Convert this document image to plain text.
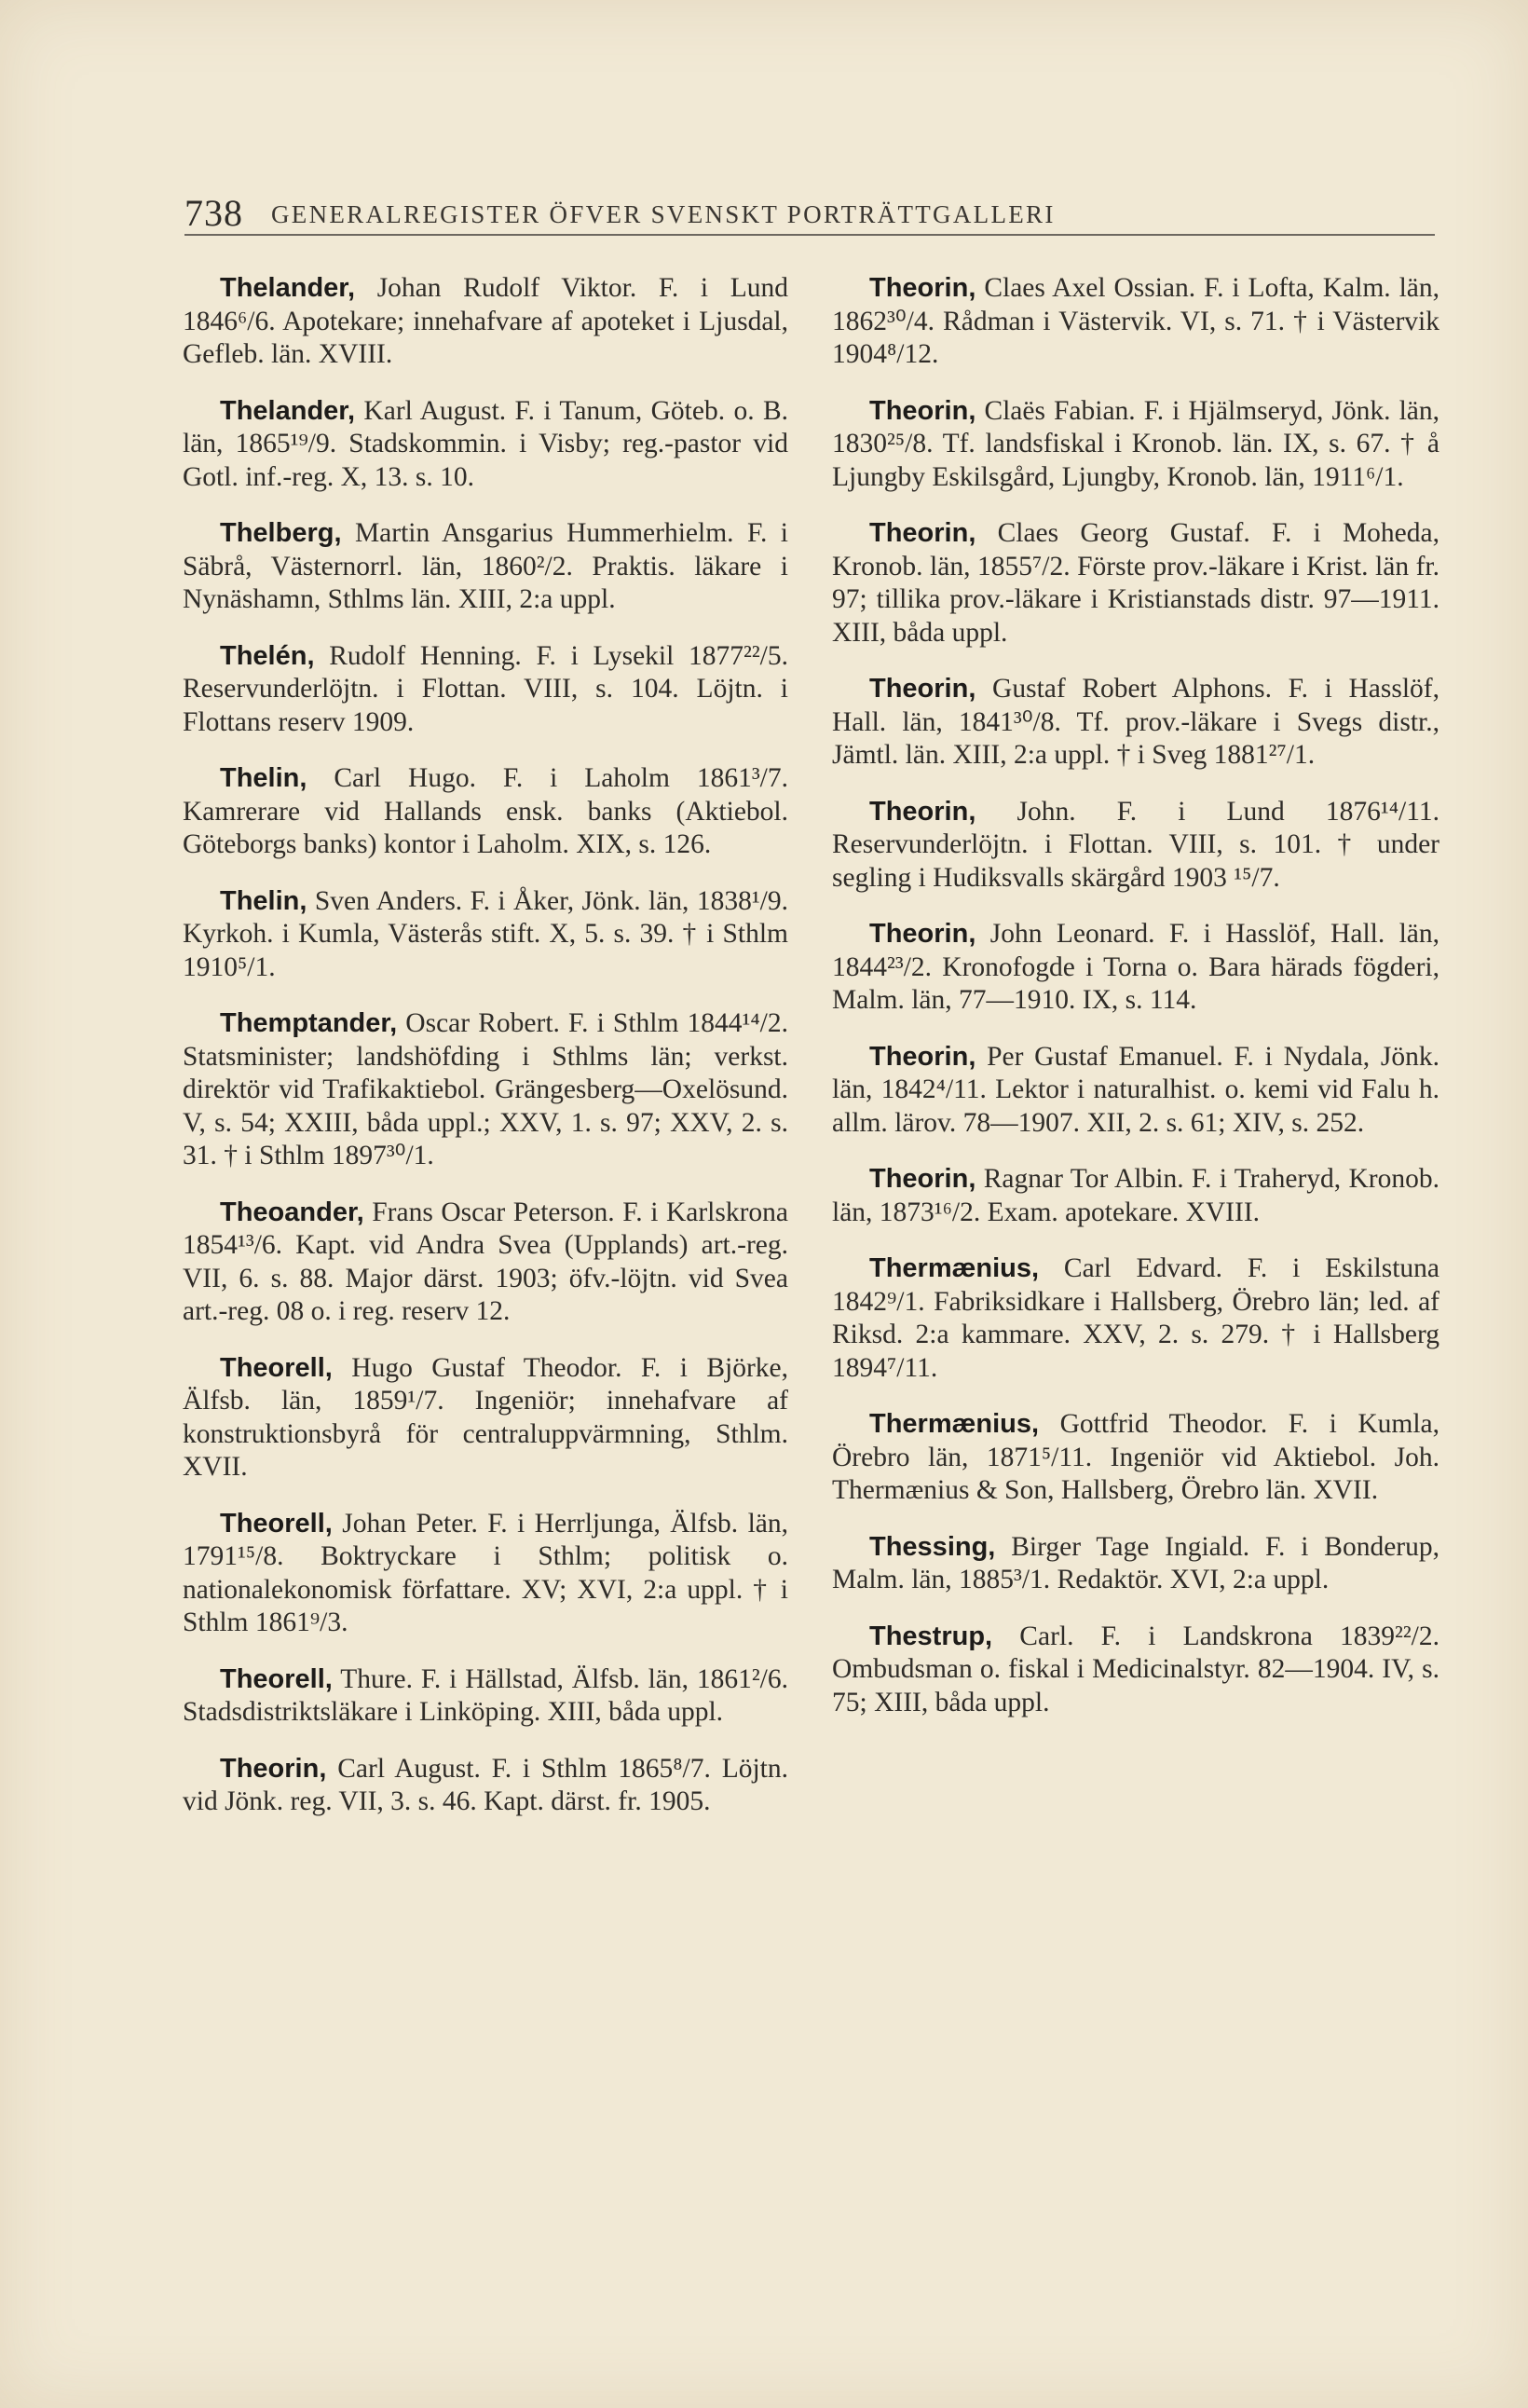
738 GENERALREGISTER ÖFVER SVENSKT PORTRÄTTGALLERI

Thelander, Johan Rudolf Viktor. F. i Lund 1846⁶/6. Apotekare; innehafvare af apoteket i Ljusdal, Gefleb. län. XVIII.

Thelander, Karl August. F. i Tanum, Göteb. o. B. län, 1865¹⁹/9. Stadskommin. i Visby; reg.-pastor vid Gotl. inf.-reg. X, 13. s. 10.

Thelberg, Martin Ansgarius Hummerhielm. F. i Säbrå, Västernorrl. län, 1860²/2. Praktis. läkare i Nynäshamn, Sthlms län. XIII, 2:a uppl.

Thelén, Rudolf Henning. F. i Lysekil 1877²²/5. Reservunderlöjtn. i Flottan. VIII, s. 104. Löjtn. i Flottans reserv 1909.

Thelin, Carl Hugo. F. i Laholm 1861³/7. Kamrerare vid Hallands ensk. banks (Aktiebol. Göteborgs banks) kontor i Laholm. XIX, s. 126.

Thelin, Sven Anders. F. i Åker, Jönk. län, 1838¹/9. Kyrkoh. i Kumla, Västerås stift. X, 5. s. 39. † i Sthlm 1910⁵/1.

Themptander, Oscar Robert. F. i Sthlm 1844¹⁴/2. Statsminister; landshöfding i Sthlms län; verkst. direktör vid Trafikaktiebol. Grängesberg—Oxelösund. V, s. 54; XXIII, båda uppl.; XXV, 1. s. 97; XXV, 2. s. 31. † i Sthlm 1897³⁰/1.

Theoander, Frans Oscar Peterson. F. i Karlskrona 1854¹³/6. Kapt. vid Andra Svea (Upplands) art.-reg. VII, 6. s. 88. Major därst. 1903; öfv.-löjtn. vid Svea art.-reg. 08 o. i reg. reserv 12.

Theorell, Hugo Gustaf Theodor. F. i Björke, Älfsb. län, 1859¹/7. Ingeniör; innehafvare af konstruktionsbyrå för centraluppvärmning, Sthlm. XVII.

Theorell, Johan Peter. F. i Herrljunga, Älfsb. län, 1791¹⁵/8. Boktryckare i Sthlm; politisk o. nationalekonomisk författare. XV; XVI, 2:a uppl. † i Sthlm 1861⁹/3.

Theorell, Thure. F. i Hällstad, Älfsb. län, 1861²/6. Stadsdistriktsläkare i Linköping. XIII, båda uppl.

Theorin, Carl August. F. i Sthlm 1865⁸/7. Löjtn. vid Jönk. reg. VII, 3. s. 46. Kapt. därst. fr. 1905.

Theorin, Claes Axel Ossian. F. i Lofta, Kalm. län, 1862³⁰/4. Rådman i Västervik. VI, s. 71. † i Västervik 1904⁸/12.

Theorin, Claës Fabian. F. i Hjälmseryd, Jönk. län, 1830²⁵/8. Tf. landsfiskal i Kronob. län. IX, s. 67. † å Ljungby Eskilsgård, Ljungby, Kronob. län, 1911⁶/1.

Theorin, Claes Georg Gustaf. F. i Moheda, Kronob. län, 1855⁷/2. Förste prov.-läkare i Krist. län fr. 97; tillika prov.-läkare i Kristianstads distr. 97—1911. XIII, båda uppl.

Theorin, Gustaf Robert Alphons. F. i Hasslöf, Hall. län, 1841³⁰/8. Tf. prov.-läkare i Svegs distr., Jämtl. län. XIII, 2:a uppl. † i Sveg 1881²⁷/1.

Theorin, John. F. i Lund 1876¹⁴/11. Reservunderlöjtn. i Flottan. VIII, s. 101. † under segling i Hudiksvalls skärgård 1903 ¹⁵/7.

Theorin, John Leonard. F. i Hasslöf, Hall. län, 1844²³/2. Kronofogde i Torna o. Bara härads fögderi, Malm. län, 77—1910. IX, s. 114.

Theorin, Per Gustaf Emanuel. F. i Nydala, Jönk. län, 1842⁴/11. Lektor i naturalhist. o. kemi vid Falu h. allm. lärov. 78—1907. XII, 2. s. 61; XIV, s. 252.

Theorin, Ragnar Tor Albin. F. i Traheryd, Kronob. län, 1873¹⁶/2. Exam. apotekare. XVIII.

Thermænius, Carl Edvard. F. i Eskilstuna 1842⁹/1. Fabriksidkare i Hallsberg, Örebro län; led. af Riksd. 2:a kammare. XXV, 2. s. 279. † i Hallsberg 1894⁷/11.

Thermænius, Gottfrid Theodor. F. i Kumla, Örebro län, 1871⁵/11. Ingeniör vid Aktiebol. Joh. Thermænius & Son, Hallsberg, Örebro län. XVII.

Thessing, Birger Tage Ingiald. F. i Bonderup, Malm. län, 1885³/1. Redaktör. XVI, 2:a uppl.

Thestrup, Carl. F. i Landskrona 1839²²/2. Ombudsman o. fiskal i Medicinalstyr. 82—1904. IV, s. 75; XIII, båda uppl.
